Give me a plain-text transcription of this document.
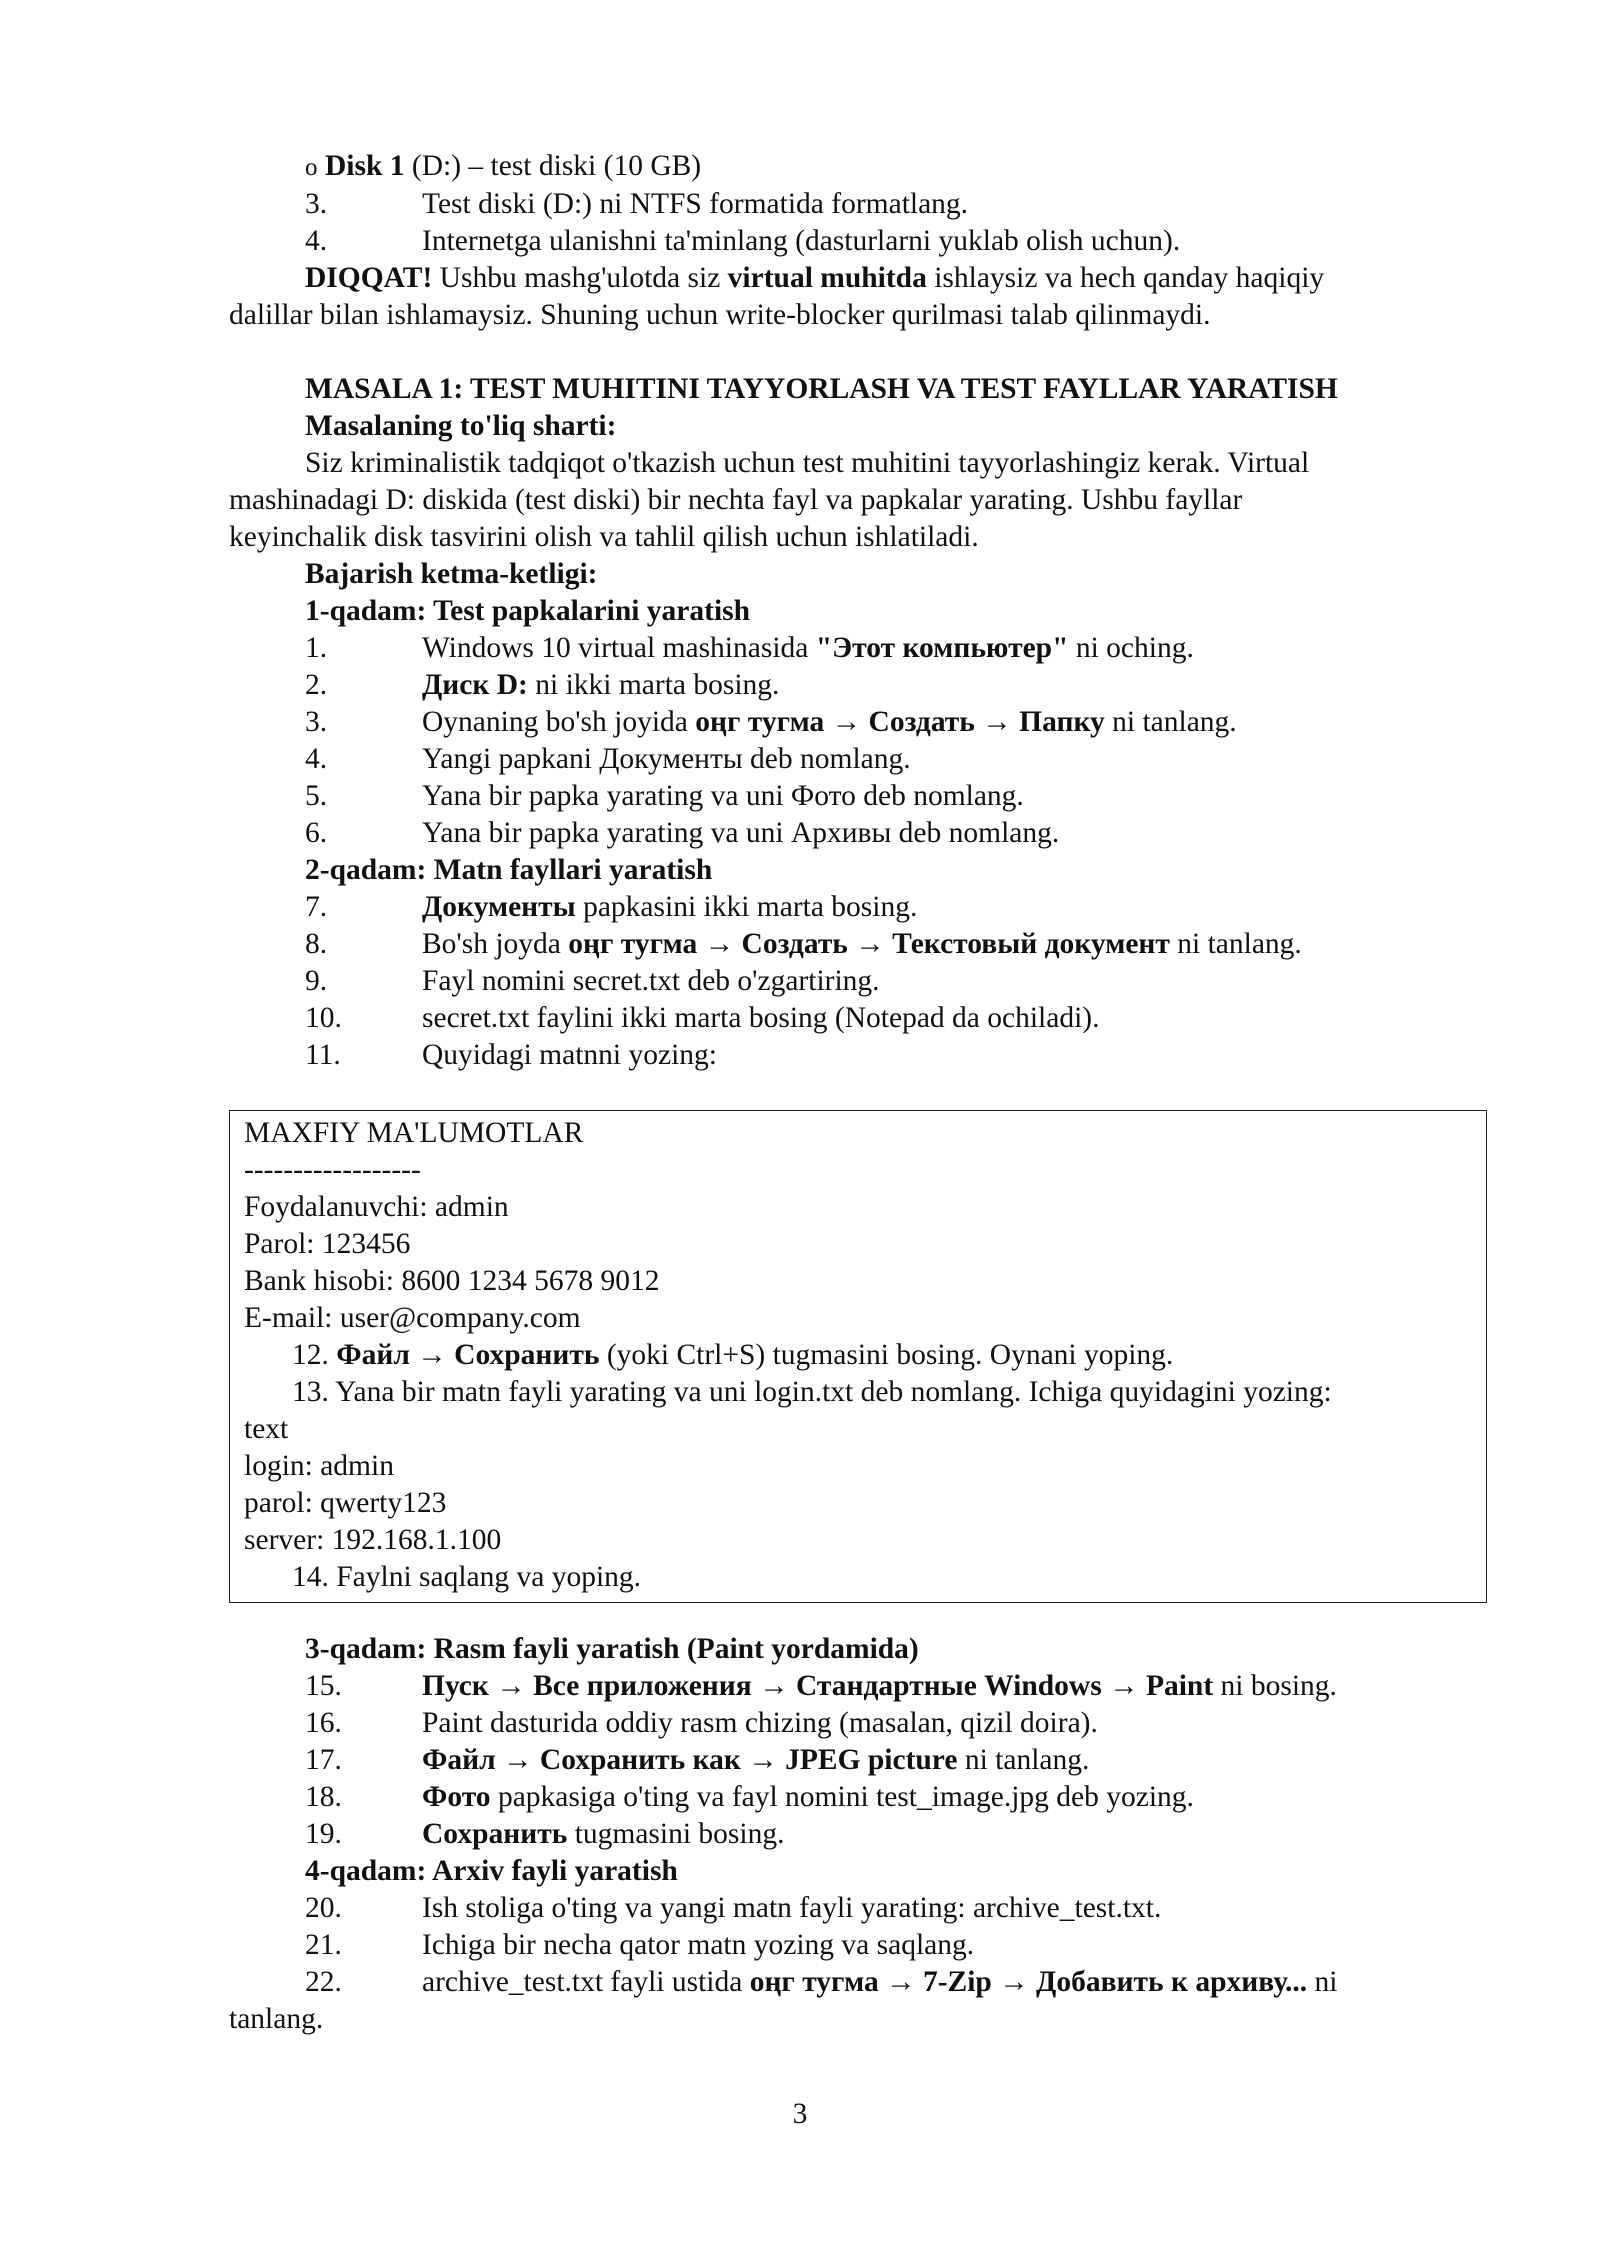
o Disk 1 (D:) – test diski (10 GB)
3.	Test diski (D:) ni NTFS formatida formatlang.
4.	Internetga ulanishni ta'minlang (dasturlarni yuklab olish uchun).
DIQQAT! Ushbu mashg'ulotda siz virtual muhitda ishlaysiz va hech qanday haqiqiy
dalillar bilan ishlamaysiz. Shuning uchun write-blocker qurilmasi talab qilinmaydi.
MASALA 1: TEST MUHITINI TAYYORLASH VA TEST FAYLLAR YARATISH
Masalaning to'liq sharti:
Siz kriminalistik tadqiqot o'tkazish uchun test muhitini tayyorlashingiz kerak. Virtual
mashinadagi D: diskida (test diski) bir nechta fayl va papkalar yarating. Ushbu fayllar
keyinchalik disk tasvirini olish va tahlil qilish uchun ishlatiladi.
Bajarish ketma-ketligi:
1-qadam: Test papkalarini yaratish
1.	Windows 10 virtual mashinasida "Этот компьютер" ni oching.
2.	Диск D: ni ikki marta bosing.
3.	Oynaning bo'sh joyida оңг тугма → Создать → Папку ni tanlang.
4.	Yangi papkani Документы deb nomlang.
5.	Yana bir papka yarating va uni Фото deb nomlang.
6.	Yana bir papka yarating va uni Архивы deb nomlang.
2-qadam: Matn fayllari yaratish
7.	Документы papkasini ikki marta bosing.
8.	Bo'sh joyda оңг тугма → Создать → Текстовый документ ni tanlang.
9.	Fayl nomini secret.txt deb o'zgartiring.
10.	secret.txt faylini ikki marta bosing (Notepad da ochiladi).
11.	Quyidagi matnni yozing:
MAXFIY MA'LUMOTLAR
------------------
Foydalanuvchi: admin
Parol: 123456
Bank hisobi: 8600 1234 5678 9012
E-mail: user@company.com
12. Файл → Сохранить (yoki Ctrl+S) tugmasini bosing. Oynani yoping.
13. Yana bir matn fayli yarating va uni login.txt deb nomlang. Ichiga quyidagini yozing:
text
login: admin
parol: qwerty123
server: 192.168.1.100
14. Faylni saqlang va yoping.
3-qadam: Rasm fayli yaratish (Paint yordamida)
15.	Пуск → Все приложения → Стандартные Windows → Paint ni bosing.
16.	Paint dasturida oddiy rasm chizing (masalan, qizil doira).
17.	Файл → Сохранить как → JPEG picture ni tanlang.
18.	Фото papkasiga o'ting va fayl nomini test_image.jpg deb yozing.
19.	Сохранить tugmasini bosing.
4-qadam: Arxiv fayli yaratish
20.	Ish stoliga o'ting va yangi matn fayli yarating: archive_test.txt.
21.	Ichiga bir necha qator matn yozing va saqlang.
22.	archive_test.txt fayli ustida оңг тугма → 7-Zip → Добавить к архиву... ni
tanlang.
3
